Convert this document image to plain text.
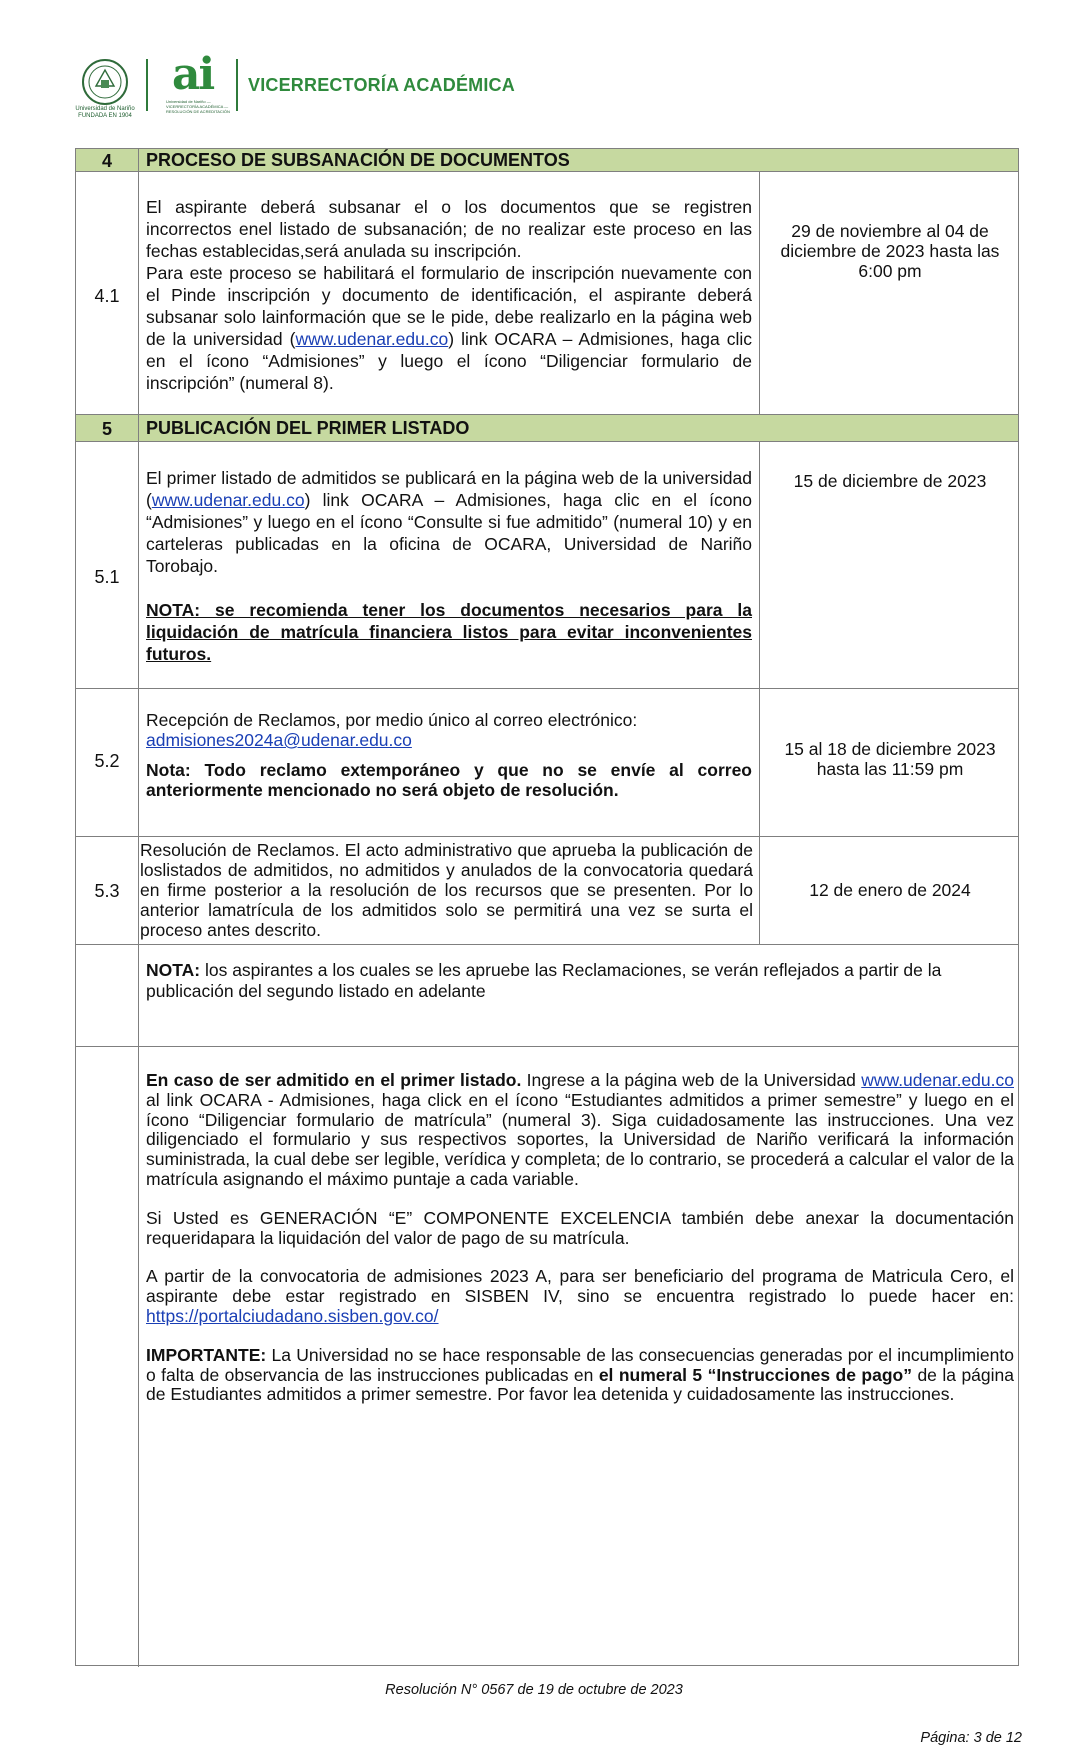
Universidad de Nariño
FUNDADA EN 1904
ai
Universidad de Nariño — VICERRECTORÍA ACADÉMICA — RESOLUCIÓN DE ACREDITACIÓN
VICERRECTORÍA ACADÉMICA
4	PROCESO DE SUBSANACIÓN DE DOCUMENTOS
4.1

El aspirante deberá subsanar el o los documentos que se registren incorrectos enel listado de subsanación; de no realizar este proceso en las fechas establecidas,será anulada su inscripción.

Para este proceso se habilitará el formulario de inscripción nuevamente con el Pinde inscripción y documento de identificación, el aspirante deberá subsanar solo lainformación que se le pide, debe realizarlo en la página web de la universidad (www.udenar.edu.co) link OCARA – Admisiones, haga clic en el ícono “Admisiones” y luego el ícono “Diligenciar formulario de inscripción” (numeral 8).

29 de noviembre al 04 de diciembre de 2023 hasta las 6:00 pm
5	PUBLICACIÓN DEL PRIMER LISTADO
5.1

El primer listado de admitidos se publicará en la página web de la universidad (www.udenar.edu.co) link OCARA – Admisiones, haga clic en el ícono “Admisiones” y luego en el ícono “Consulte si fue admitido” (numeral 10) y en carteleras publicadas en la oficina de OCARA, Universidad de Nariño Torobajo.

NOTA: se recomienda tener los documentos necesarios para la liquidación de matrícula financiera listos para evitar inconvenientes futuros.

15 de diciembre de 2023
5.2

Recepción de Reclamos, por medio único al correo electrónico:

admisiones2024a@udenar.edu.co

Nota: Todo reclamo extemporáneo y que no se envíe al correo anteriormente mencionado no será objeto de resolución.

15 al 18 de diciembre 2023 hasta las 11:59 pm
5.3
Resolución de Reclamos. El acto administrativo que aprueba la publicación de loslistados de admitidos, no admitidos y anulados de la convocatoria quedará en firme posterior a la resolución de los recursos que se presenten. Por lo anterior lamatrícula de los admitidos solo se permitirá una vez se surta el proceso antes descrito.
12 de enero de 2024
NOTA: los aspirantes a los cuales se les apruebe las Reclamaciones, se verán reflejados a partir de la publicación del segundo listado en adelante

En caso de ser admitido en el primer listado. Ingrese a la página web de la Universidad www.udenar.edu.co al link OCARA - Admisiones, haga click en el ícono “Estudiantes admitidos a primer semestre” y luego en el ícono “Diligenciar formulario de matrícula” (numeral 3). Siga cuidadosamente las instrucciones. Una vez diligenciado el formulario y sus respectivos soportes, la Universidad de Nariño verificará la información suministrada, la cual debe ser legible, verídica y completa; de lo contrario, se procederá a calcular el valor de la matrícula asignando el máximo puntaje a cada variable.

Si Usted es GENERACIÓN “E” COMPONENTE EXCELENCIA también debe anexar la documentación requeridapara la liquidación del valor de pago de su matrícula.

A partir de la convocatoria de admisiones 2023 A, para ser beneficiario del programa de Matricula Cero, el aspirante debe estar registrado en SISBEN IV, sino se encuentra registrado lo puede hacer en: https://portalciudadano.sisben.gov.co/

IMPORTANTE: La Universidad no se hace responsable de las consecuencias generadas por el incumplimiento o falta de observancia de las instrucciones publicadas en el numeral 5 “Instrucciones de pago” de la página de Estudiantes admitidos a primer semestre. Por favor lea detenida y cuidadosamente las instrucciones.

Resolución N° 0567 de 19 de octubre de 2023
Página: 3 de 12
